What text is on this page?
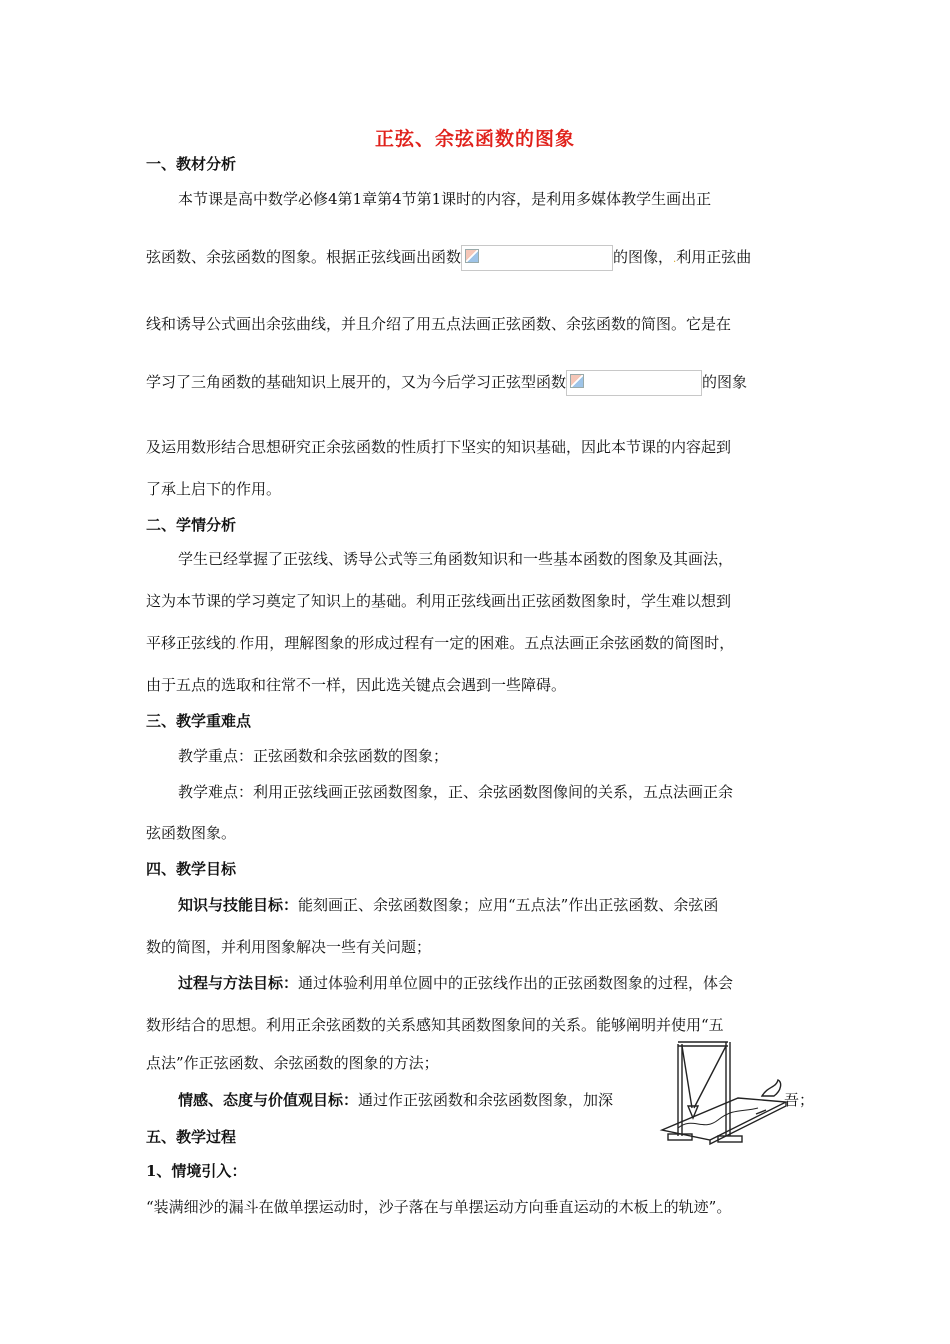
正弦、余弦函数的图象
一、教材分析
本节课是高中数学必修4第1章第4节第1课时的内容，是利用多媒体教学生画出正
弦函数、余弦函数的图象。根据正弦线画出函数	的图像，.利用正弦曲
线和诱导公式画出余弦曲线，并且介绍了用五点法画正弦函数、余弦函数的简图。它是在
学习了三角函数的基础知识上展开的，又为今后学习正弦型函数	的图象
及运用数形结合思想研究正余弦函数的性质打下坚实的知识基础，因此本节课的内容起到
了承上启下的作用。
二、学情分析
学生已经掌握了正弦线、诱导公式等三角函数知识和一些基本函数的图象及其画法，
这为本节课的学习奠定了知识上的基础。利用正弦线画出正弦函数图象时，学生难以想到
平移正弦线的.作用，理解图象的形成过程有一定的困难。五点法画正余弦函数的简图时，
由于五点的选取和往常不一样，因此选关键点会遇到一些障碍。
三、教学重难点
教学重点：正弦函数和余弦函数的图象；
教学难点：利用正弦线画正弦函数图象，正、余弦函数图像间的关系，五点法画正余
弦函数图象。
四、教学目标
知识与技能目标：能刻画正、余弦函数图象；应用“五点法”作出正弦函数、余弦函
数的简图，并利用图象解决一些有关问题；
过程与方法目标：通过体验利用单位圆中的正弦线作出的正弦函数图象的过程，体会
数形结合的思想。利用正余弦函数的关系感知其函数图象间的关系。能够阐明并使用“五
点法”作正弦函数、余弦函数的图象的方法；
情感、态度与价值观目标：通过作正弦函数和余弦函数图象，加深	吾；
五、教学过程
1、情境引入：
“装满细沙的漏斗在做单摆运动时，沙子落在与单摆运动方向垂直运动的木板上的轨迹”。
